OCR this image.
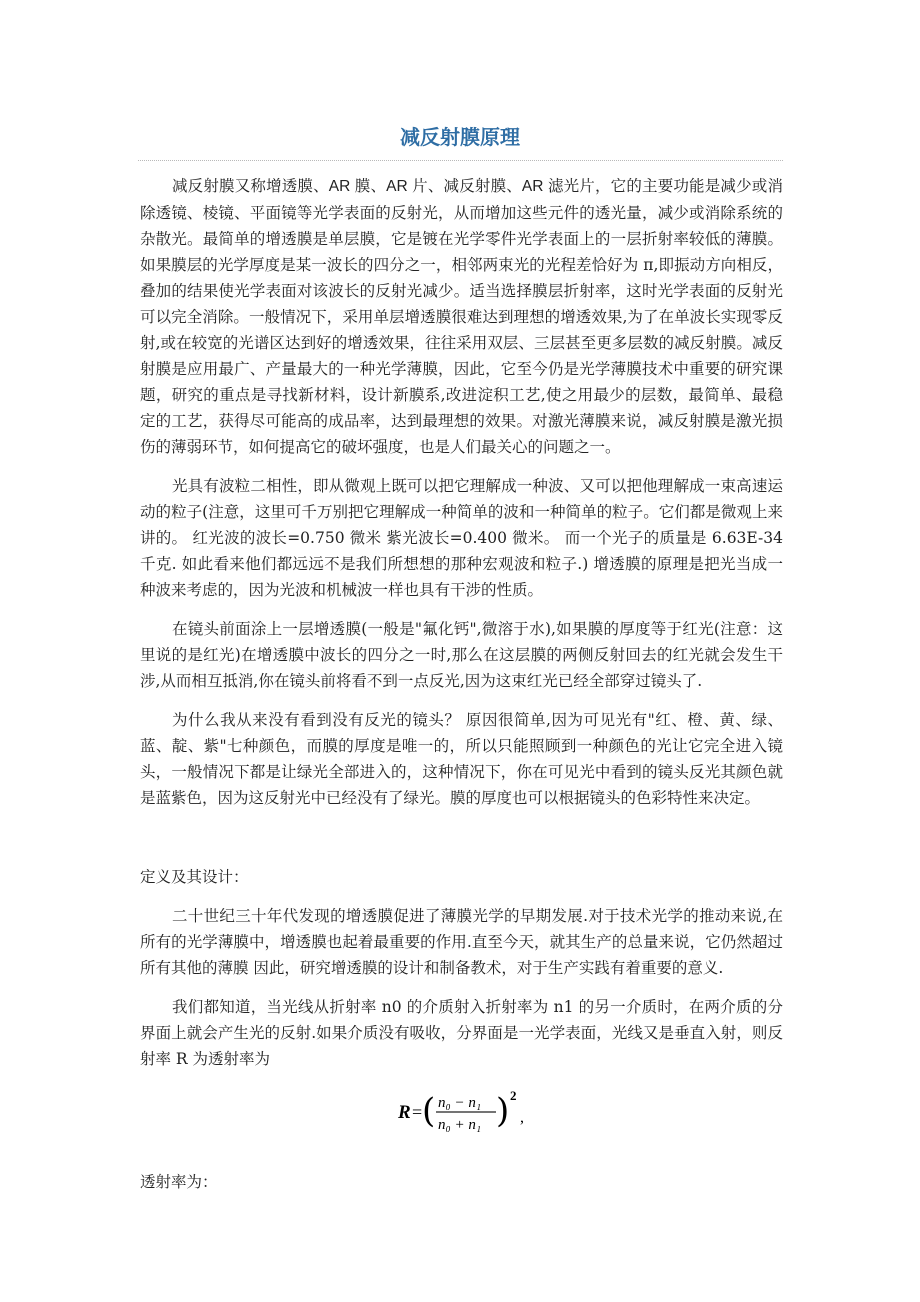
减反射膜原理

减反射膜又称增透膜、AR 膜、AR 片、减反射膜、AR 滤光片，它的主要功能是减少或消除透镜、棱镜、平面镜等光学表面的反射光，从而增加这些元件的透光量，减少或消除系统的杂散光。最简单的增透膜是单层膜，它是镀在光学零件光学表面上的一层折射率较低的薄膜。如果膜层的光学厚度是某一波长的四分之一，相邻两束光的光程差恰好为 π,即振动方向相反，叠加的结果使光学表面对该波长的反射光减少。适当选择膜层折射率，这时光学表面的反射光可以完全消除。一般情况下，采用单层增透膜很难达到理想的增透效果,为了在单波长实现零反射,或在较宽的光谱区达到好的增透效果，往往采用双层、三层甚至更多层数的减反射膜。减反射膜是应用最广、产量最大的一种光学薄膜，因此，它至今仍是光学薄膜技术中重要的研究课题，研究的重点是寻找新材料，设计新膜系,改进淀积工艺,使之用最少的层数，最简单、最稳定的工艺，获得尽可能高的成品率，达到最理想的效果。对激光薄膜来说，减反射膜是激光损伤的薄弱环节，如何提高它的破坏强度，也是人们最关心的问题之一。

光具有波粒二相性，即从微观上既可以把它理解成一种波、又可以把他理解成一束高速运动的粒子(注意，这里可千万别把它理解成一种简单的波和一种简单的粒子。它们都是微观上来讲的。 红光波的波长=0.750 微米 紫光波长=0.400 微米。 而一个光子的质量是 6.63E-34 千克. 如此看来他们都远远不是我们所想想的那种宏观波和粒子.) 增透膜的原理是把光当成一种波来考虑的，因为光波和机械波一样也具有干涉的性质。

在镜头前面涂上一层增透膜(一般是"氟化钙",微溶于水),如果膜的厚度等于红光(注意：这里说的是红光)在增透膜中波长的四分之一时,那么在这层膜的两侧反射回去的红光就会发生干涉,从而相互抵消,你在镜头前将看不到一点反光,因为这束红光已经全部穿过镜头了.

为什么我从来没有看到没有反光的镜头？ 原因很简单,因为可见光有"红、橙、黄、绿、蓝、靛、紫"七种颜色，而膜的厚度是唯一的，所以只能照顾到一种颜色的光让它完全进入镜头，一般情况下都是让绿光全部进入的，这种情况下，你在可见光中看到的镜头反光其颜色就是蓝紫色，因为这反射光中已经没有了绿光。膜的厚度也可以根据镜头的色彩特性来决定。

定义及其设计：

二十世纪三十年代发现的增透膜促进了薄膜光学的早期发展.对于技术光学的推动来说,在所有的光学薄膜中，增透膜也起着最重要的作用.直至今天，就其生产的总量来说，它仍然超过所有其他的薄膜 因此，研究增透膜的设计和制备教术，对于生产实践有着重要的意义.

我们都知道，当光线从折射率 n0 的介质射入折射率为 n1 的另一介质时，在两介质的分界面上就会产生光的反射.如果介质没有吸收，分界面是一光学表面，光线又是垂直入射，则反射率 R 为透射率为

R = ( n₀ − n₁
n₀ + n₁ ) 2
,

透射率为：
